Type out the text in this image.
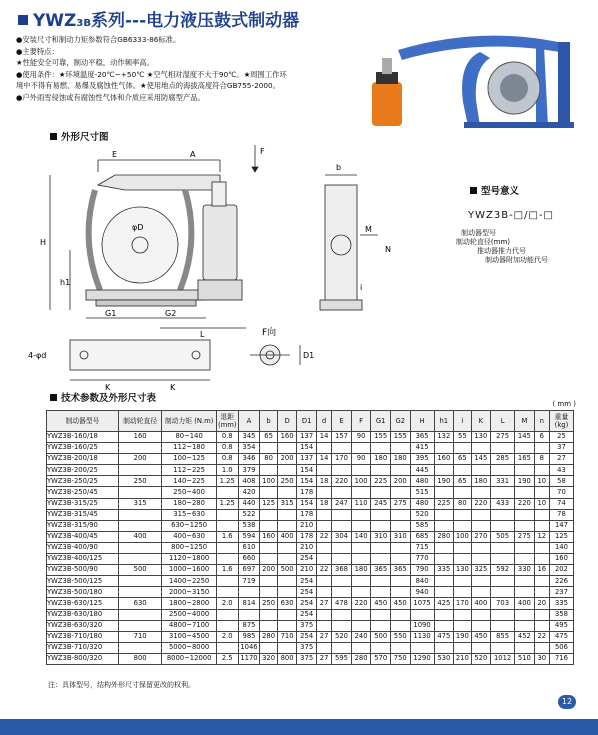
YWZ3B系列---电力液压鼓式制动器
●安装尺寸和制动力矩参数符合GB6333-86标准。
●主要特点：
★性能安全可靠，制动平稳，动作频率高。
●使用条件：★环境温度-20℃~+50℃ ★空气相对湿度不大于90℃。★周围工作环
境中不得有易燃、易爆及腐蚀性气体。★使用地点的海拔高度符合GB755-2000。
●户外雨雪侵蚀或有腐蚀性气体和介质应采用防腐型产品。
外形尺寸图
E	A	F
H
h1
φD
G1	G2
L
K	K
4-φd
b
M
N
i
F向
D1
型号意义
YWZ3B-□/□-□
制动器型号
制动轮直径(mm)
推动器推力代号
制动器附加功能代号
技术参数及外形尺寸表	( mm )
制动器型号	制动轮直径	制动力矩 (N.m)	退距 (mm)	A	b	D	D1	d	E	F	G1	G2	H	h1	i	K	L	M	n	重量 (kg)
YWZ3B-160/18	160	80~140	0.8	345	65	160	137	14	157	90	155	155	365	132	55	130	275	145	6	25
YWZ3B-160/25		112~180	0.8	354			154						415							37
YWZ3B-200/18	200	100~125	0.8	346	80	200	137	14	170	90	180	180	395	160	65	145	285	165	8	27
YWZ3B-200/25		112~225	1.0	379			154						445							43
YWZ3B-250/25	250	140~225	1.25	408	100	250	154	18	220	100	225	200	480	190	65	180	331	190	10	58
YWZ3B-250/45		250~400		420			178						515							70
YWZ3B-315/25	315	180~280	1.25	440	125	315	154	18	247	110	245	275	480	225	80	220	433	220	10	74
YWZ3B-315/45		315~630		522			178						520							78
YWZ3B-315/90		630~1250		538			210						585							147
YWZ3B-400/45	400	400~630	1.6	594	160	400	178	22	304	140	310	310	685	280	100	270	505	275	12	125
YWZ3B-400/90		800~1250		610			210						715							140
YWZ3B-400/125		1120~1800		660			254						770							160
YWZ3B-500/90	500	1000~1600	1.6	697	200	500	210	22	368	180	365	365	790	335	130	325	592	330	16	202
YWZ3B-500/125		1400~2250		719			254						840							226
YWZ3B-500/180		2000~3150					254						940							237
YWZ3B-630/125	630	1800~2800	2.0	814	250	630	254	27	478	220	450	450	1075	425	170	400	703	400	20	335
YWZ3B-630/180		2500~4000					254													358
YWZ3B-630/320		4800~7100		875			375						1090							495
YWZ3B-710/180	710	3100~4500	2.0	985	280	710	254	27	520	240	500	550	1130	475	190	450	855	452	22	475
YWZ3B-710/320		5000~8000		1046			375													506
YWZ3B-800/320	800	8000~12000	2.5	1170	320	800	375	27	595	280	570	750	1290	530	210	520	1012	510	30	716
注：具体型号，结构外形尺寸保留更改的权利。
12
